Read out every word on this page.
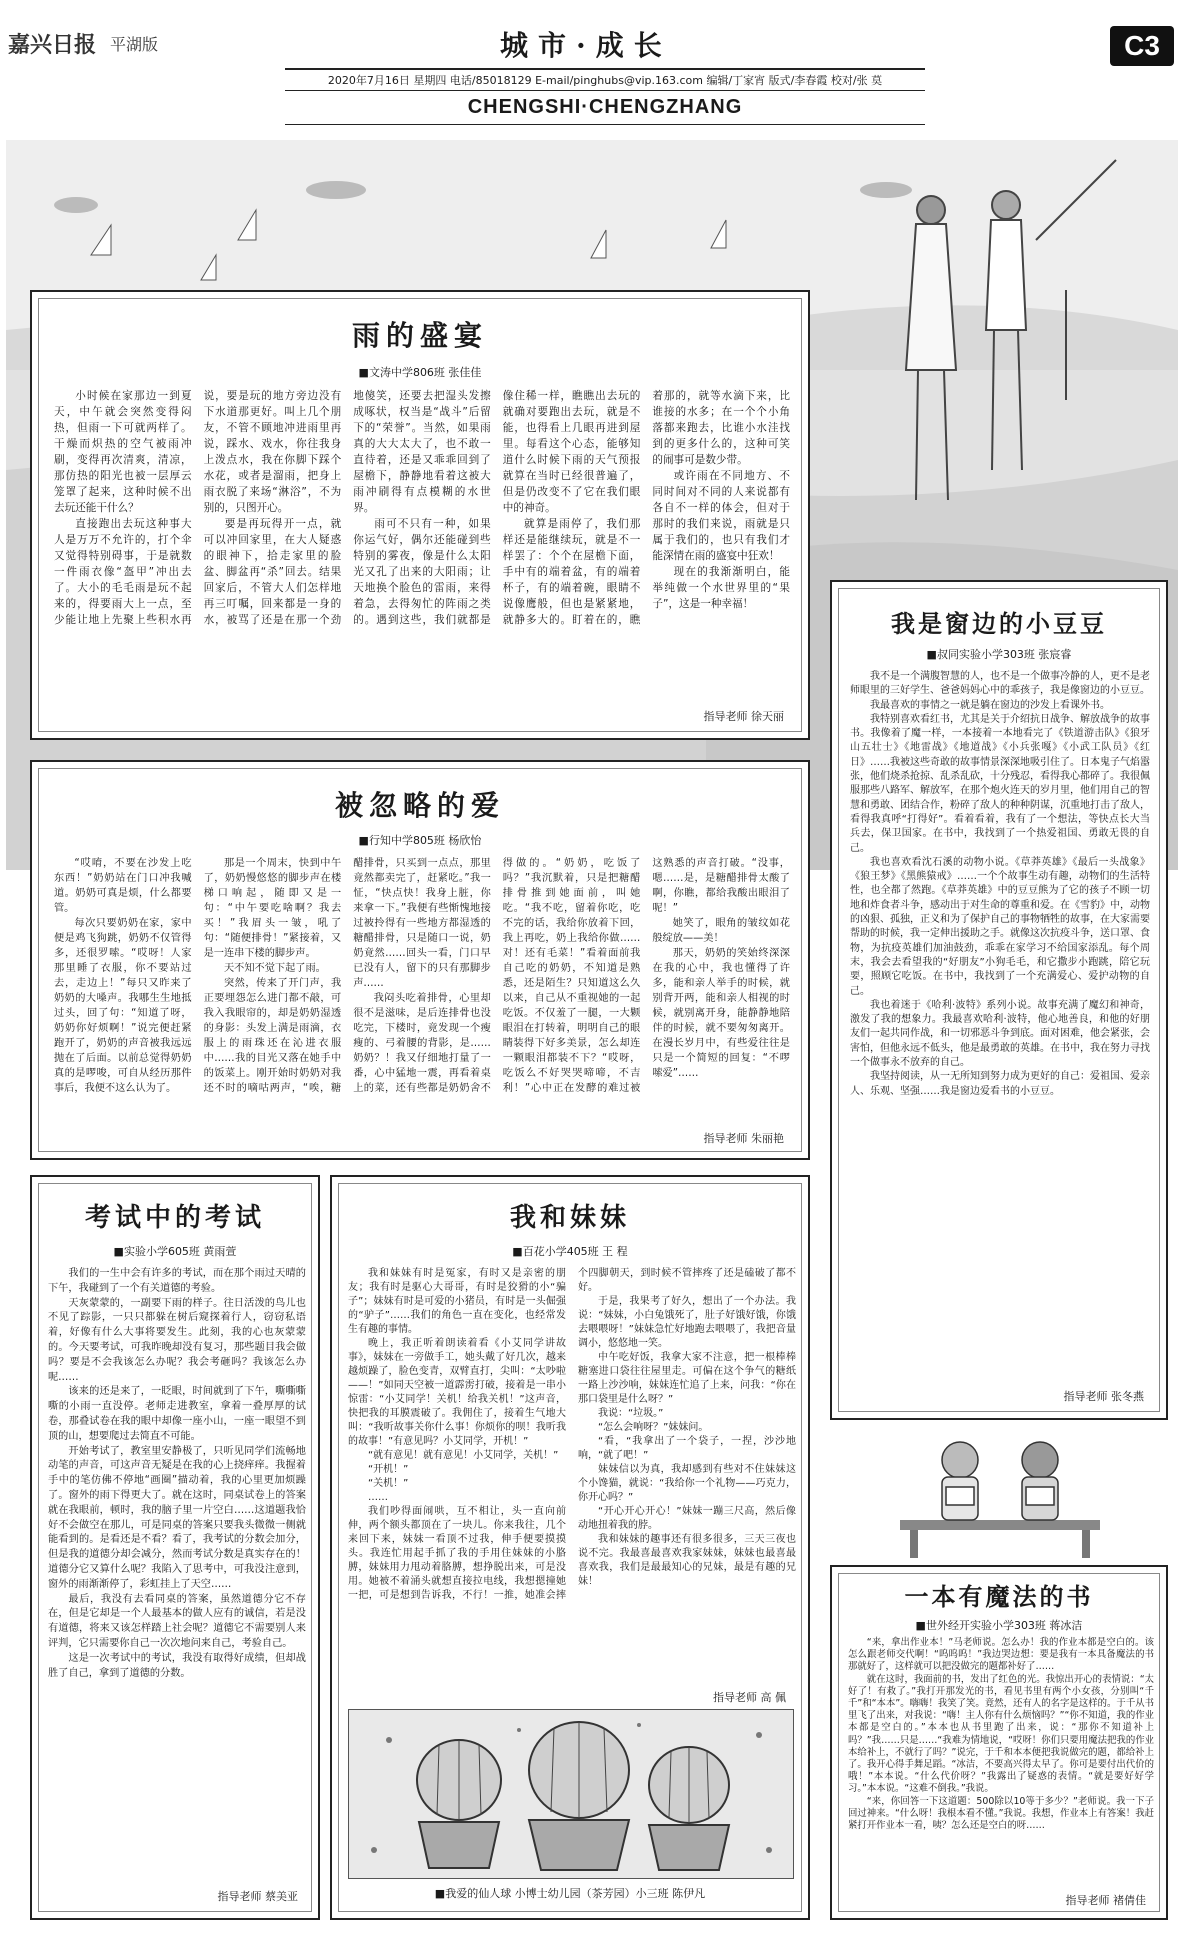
嘉兴日报 平湖版	城市·成长	C3
2020年7月16日 星期四 电话/85018129 E-mail/pinghubs@vip.163.com 编辑/丁家宵 版式/李春霞 校对/张 莫
CHENGSHI·CHENGZHANG
雨的盛宴
■文涛中学806班 张佳佳

小时候在家那边一到夏天，中午就会突然变得闷热，但雨一下可就两样了。干燥而炽热的空气被雨冲刷，变得再次清爽，清凉，那仿热的阳光也被一层厚云笼罩了起来，这种时候不出去玩还能干什么？

直接跑出去玩这种事大人是万万不允许的，打个伞又觉得特别碍事，于是就数一件雨衣像“盔甲”冲出去了。大小的毛毛雨是玩不起来的，得要雨大上一点，至少能让地上先聚上些积水再说，要是玩的地方旁边没有下水道那更好。叫上几个朋友，不管不顾地冲进雨里再说，踩水、戏水，你往我身上泼点水，我在你脚下踩个水花，或者是溜雨，把身上雨衣脱了来场“淋浴”，不为别的，只图开心。

要是再玩得开一点，就可以冲回家里，在大人疑惑的眼神下，拾走家里的脸盆、脚盆再“杀”回去。结果回家后，不管大人们怎样地再三叮嘱，回来都是一身的水，被骂了还是在那一个劲地傻笑，还要去把湿头发擦成啄状，权当是“战斗”后留下的“荣誉”。当然，如果雨真的大大太大了，也不敢一直待着，还是又乖乖回到了屋檐下，静静地看着这被大雨冲刷得有点模糊的水世界。

雨可不只有一种，如果你运气好，偶尔还能碰到些特别的雾夜，像是什么太阳光又孔了出来的大阳雨；让天地换个脸色的雷雨，来得着急，去得匆忙的阵雨之类的。遇到这些，我们就都是像住稀一样，瞧瞧出去玩的就确对要跑出去玩，就是不能，也得看上几眼再进到屋里。每看这个心态，能够知道什么时候下雨的天气预报就算在当时已经很普遍了，但是仍改变不了它在我们眼中的神奇。

就算是雨停了，我们那样还是能继续玩，就是不一样罢了：个个在屋檐下面，手中有的端着盆，有的端着杯子，有的端着碗，眼睛不说像鹰般，但也是紧紧地，就静多大的。盯着在的，瞧着那的，就等水滴下来，比谁接的水多；在一个个小角落都来跑去，比谁小水洼找到的更多什么的，这种可笑的闹事可是数少带。

或许雨在不同地方、不同时间对不同的人来说都有各自不一样的体会，但对于那时的我们来说，雨就是只属于我们的，也只有我们才能深情在雨的盛宴中狂欢！

现在的我渐渐明白，能举纯做一个水世界里的“果子”，这是一种幸福！

指导老师 徐天丽
我是窗边的小豆豆
■叔同实验小学303班 张宸睿

我不是一个满腹智慧的人，也不是一个做事冷静的人，更不是老师眼里的三好学生、爸爸妈妈心中的乖孩子，我是像窗边的小豆豆。

我最喜欢的事情之一就是躺在窗边的沙发上看课外书。

我特别喜欢看红书，尤其是关于介绍抗日战争、解放战争的故事书。我像着了魔一样，一本接着一本地看完了《铁道游击队》《狼牙山五壮士》《地雷战》《地道战》《小兵张嘎》《小武工队员》《红日》……我被这些奇敢的故事情景深深地吸引住了。日本鬼子气焰嚣张，他们烧杀抢掠、乱杀乱砍，十分残忍，看得我心都碎了。我很佩服那些八路军、解放军，在那个炮火连天的岁月里，他们用自己的智慧和勇敢、团结合作，粉碎了敌人的种种阴谋，沉重地打击了敌人，看得我真呼“打得好”。看着看着，我有了一个想法，等快点长大当兵去，保卫国家。在书中，我找到了一个热爱祖国、勇敢无畏的自己。

我也喜欢看沈石溪的动物小说。《草莽英雄》《最后一头战象》《狼王梦》《黑熊猿戒》……一个个故事生动有趣，动物们的生活特性，也全都了然跑。《草莽英雄》中的豆豆熊为了它的孩子不顾一切地和炸食者斗争，感动出于对生命的尊重和爱。在《雪豹》中，动物的凶狠、孤独，正义和为了保护自己的事物牺牲的故事，在大家需要帮助的时候，我一定伸出援助之手。就像这次抗疫斗争，送口罩、食物，为抗疫英雄们加油鼓劲，乖乖在家学习不给国家添乱。每个周末，我会去看望我的“好朋友”小狗毛毛，和它撒步小跑跳，陪它玩要，照顾它吃饭。在书中，我找到了一个充满爱心、爱护动物的自己。

我也着迷于《哈利·波特》系列小说。故事充满了魔幻和神奇，激发了我的想象力。我最喜欢哈利·波特，他心地善良，和他的好朋友们一起共同作战，和一切邪恶斗争到底。面对困难，他会紧张，会害怕，但他永远不低头，他是最勇敢的英雄。在书中，我在努力寻找一个做事永不放弃的自己。

我坚持阅读，从一无所知到努力成为更好的自己：爱祖国、爱亲人、乐观、坚强……我是窗边爱看书的小豆豆。

指导老师 张冬燕
被忽略的爱
■行知中学805班 杨欣怡

“哎唷，不要在沙发上吃东西！”奶奶站在门口冲我喊道。奶奶可真是烦，什么都要管。

每次只要奶奶在家，家中便是鸡飞狗跳，奶奶不仅管得多，还很罗嗦。“哎呀！人家那里睡了衣服，你不要站过去，走边上！”每只又昨来了奶奶的大嗓声。我哪生生地抵过头，回了句：“知道了呀，奶奶你好烦啊！”说完便赶紧跑开了，奶奶的声音被我远远抛在了后面。以前总觉得奶奶真的是啰唆，可自从经历那件事后，我便不这么认为了。

那是一个周末，快到中午了，奶奶慢悠悠的脚步声在楼梯口响起，随即又是一句：“中午要吃啥啊？我去买！”我眉头一皱，吼了句：“随便排骨！”紧接着，又是一连串下楼的脚步声。

天不知不觉下起了雨。

突然，传来了开门声，我正要埋怨怎么进门都不敲，可我入我眼帘的，却是奶奶湿透的身影：头发上满是雨滴，衣服上的雨珠还在沁进衣服中……我的目光又落在她手中的饭菜上。刚开始时奶奶对我还不时的嘀咕两声，“唉，糖醋排骨，只买到一点点，那里竟然都卖完了，赶紧吃。”我一怔，“快点快！我身上脏，你来拿一下。”我便有些惭愧地接过被拎得有一些地方都湿透的糖醋排骨，只是随口一说，奶奶竟然……回头一看，门口早已没有人，留下的只有那脚步声……

我闷头吃着排骨，心里却很不是滋味，是后连排骨也没吃完，下楼时，竟发现一个瘦瘦的、弓着腰的背影，是……奶奶？！我又仔细地打量了一番，心中猛地一震，再看着桌上的菜，还有些都是奶奶舍不得做的。“奶奶，吃饭了吗？”我沉默着，只是把糖醋排骨推到她面前，叫她吃。“我不吃，留着你吃，吃不完的话，我给你放着下回，我上再吃，奶上我给你做……对！还有毛菜！”看着面前我自己吃的奶奶，不知道是熟悉，还是陌生？只知道这么久以来，自己从不重视她的一起吃饭。不仅羞了一腿，一大颗眼泪在打转着，明明自己的眼睛装得下好多美景，怎么却连一颗眼泪都装不下？“哎呀，吃饭么不好哭哭啼啼，不吉利！”心中正在发酵的难过被这熟悉的声音打破。“没事，嗯……是，是糖醋排骨太酸了啊，你瞧，都给我酸出眼泪了呢！”

她笑了，眼角的皱纹如花般绽放——美！

那天，奶奶的笑始终深深在我的心中，我也懂得了许多，能和亲人举手的时候，就别背开两，能和亲人相视的时候，就别离开身，能静静地陪伴的时候，就不要匆匆离开。在漫长岁月中，有些爱往往是只是一个简短的回复：“不啰嗦爱”……

指导老师 朱丽艳
考试中的考试
■实验小学605班 黄雨萱

我们的一生中会有许多的考试，而在那个雨过天晴的下午，我碰到了一个有关道德的考验。

天灰蒙蒙的，一副要下雨的样子。往日活泼的鸟儿也不见了踪影，一只只都躲在树后窥探着行人，窃窃私语着，好像有什么大事将要发生。此刻，我的心也灰蒙蒙的。今天要考试，可我昨晚却没有复习，那些题目我会做吗？要是不会我该怎么办呢？我会考砸吗？我该怎么办呢……

该来的还是来了，一眨眼，时间就到了下午，嘶嘶嘶嘶的小雨一直没停。老师走进教室，拿着一叠厚厚的试卷，那叠试卷在我的眼中却像一座小山，一座一眼望不到顶的山，想要爬过去简直不可能。

开始考试了，教室里安静极了，只听见同学们流畅地动笔的声音，可这声音无疑是在我的心上挠痒痒。我握着手中的笔仿佛不停地“画圈”描动着，我的心里更加烦躁了。窗外的雨下得更大了。就在这时，同桌试卷上的答案就在我眼前，顿时，我的脑子里一片空白……这道题我恰好不会做空在那儿，可是同桌的答案只要我头微微一侧就能看到的。是看还是不看？看了，我考试的分数会加分，但是我的道德分却会减分，然而考试分数是真实存在的！道德分它又算什么呢？我陷入了思考中，可我没注意到，窗外的雨渐渐停了，彩虹挂上了天空……

最后，我没有去看同桌的答案，虽然道德分它不存在，但是它却是一个人最基本的做人应有的诚信，若是没有道德，将来又该怎样踏上社会呢？道德它不需要别人来评判，它只需要你自己一次次地问来自己，考验自己。

这是一次考试中的考试，我没有取得好成绩，但却战胜了自己，拿到了道德的分数。

指导老师 蔡美亚
我和妹妹
■百花小学405班 王 程

我和妹妹有时是冤家，有时又是亲密的朋友；我有时是驱心大哥哥，有时是狡猾的小“骗子”；妹妹有时是可爱的小猪员，有时是一头倔强的“驴子”……我们的角色一直在变化，也经常发生有趣的事情。

晚上，我正听着朗读着看《小艾同学讲故事》，妹妹在一旁做手工，她头戴了好几次，越来越烦躁了，脸色变青，双臂直打，尖叫：“太吵啦——！”如同天空被一道霹雳打破，接着是一串小惊雷：“小艾同学！关机！给我关机！”这声音，快把我的耳膜震破了。我佣住了，接着生气地大叫：“我听故事关你什么事！你烦你的呗！我听我的故事！”有意见吗？小艾同学，开机！”

“就有意见！就有意见！小艾同学，关机！”

“开机！”

“关机！”

……

我们吵得面闹哄，互不相让，头一直向前伸，两个额头都顶在了一块儿。你来我往，几个来回下来，妹妹一看顶不过我，伸手便要摸摸头。我连忙用起手抓了我的手用住妹妹的小胳膊，妹妹用力甩动着胳膊，想挣脱出来，可是没用。她被不着涌头就想直接拉电线，我想摁撞她一把，可是想到告诉我，不行！一推，她准会摔个四脚朝天，到时候不管摔疼了还是磕破了都不好。

于是，我果考了好久，想出了一个办法。我说：“妹妹，小白兔饿死了，肚子好饿好饿，你饿去喂喂呀！”妹妹急忙好地跑去喂喂了，我把音量调小，悠悠地一笑。

中午吃好饭，我拿大家不注意，把一根棒棒糖塞进口袋往往屋里走。可偏在这个争气的糖纸一路上沙沙响，妹妹连忙追了上来，问我：“你在那口袋里是什么呀？”

我说：“垃圾。”

“怎么会响呀？”妹妹问。

“看，“我拿出了一个袋子，一捏，沙沙地响，“就了吧！”

妹妹信以为真，我却感到有些对不住妹妹这个小馋猫，就说：“我给你一个礼物——巧克力，你开心吗？”

“开心开心开心！”妹妹一蹦三尺高，然后像动地扭着我的脖。

我和妹妹的趣事还有很多很多，三天三夜也说不完。我最喜最喜欢我家妹妹，妹妹也最喜最喜欢我，我们是最最知心的兄妹，最是有趣的兄妹！

指导老师 高 佩
■我爱的仙人球 小博士幼儿园（茶芳园）小三班 陈伊凡
一本有魔法的书
■世外经开实验小学303班 蒋冰洁

“来，拿出作业本！”马老师说。怎么办！我的作业本都是空白的。该怎么跟老师交代啊！“呜呜呜！”我边哭边想：要是我有一本具备魔法的书那就好了，这样就可以把没做完的题都补好了……

就在这时，我面前的书，发出了红色的光。我惊出开心的表情说：“太好了！有救了。”我打开那发光的书，看见书里有两个小女孩，分别叫“千千”和“本本”。嗨嗨！我笑了笑。竟然，还有人的名字是这样的。于千从书里飞了出来，对我说：“嗨！主人你有什么烦恼吗？”“你不知道，我的作业本都是空白的。”本本也从书里跑了出来，说：“那你不知道补上吗？”我……只是……“我难为情地说，“哎呀！你们只要用魔法把我的作业本给补上，不就行了吗？”说完，于千和本本便把我说做完的题，都给补上了。我开心得手舞足蹈。“冰洁，不要高兴得太早了。你可是要付出代价的哦！”本本说。“什么代价呀？”我露出了疑惑的表情。“就是要好好学习。”本本说。“这难不倒我。”我说。

“来，你回答一下这道题：500除以10等于多少？”老师说。我一下子回过神来。“什么呀！我根本看不懂。”我说。我想，作业本上有答案！我赶紧打开作业本一看，咦？怎么还是空白的呀……

指导老师 褚倩佳
